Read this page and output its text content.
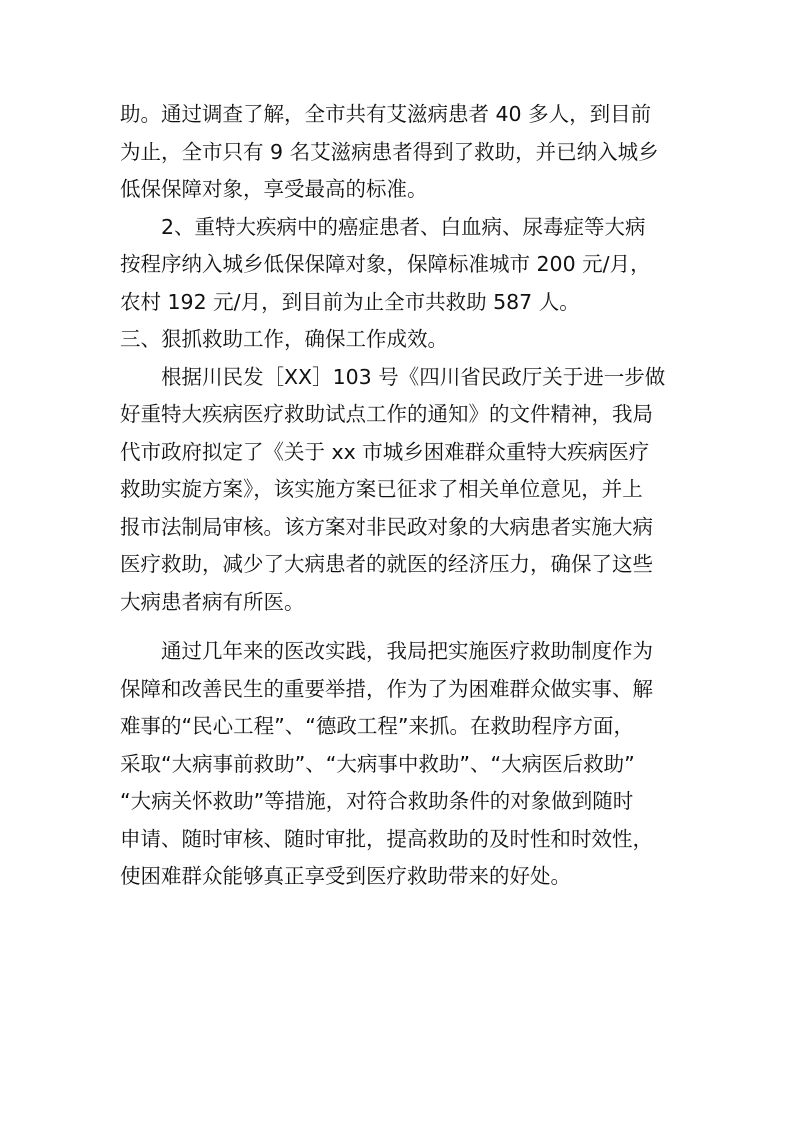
助。通过调查了解，全市共有艾滋病患者 40 多人，到目前
为止，全市只有 9 名艾滋病患者得到了救助，并已纳入城乡
低保保障对象，享受最高的标准。
　　2、重特大疾病中的癌症患者、白血病、尿毒症等大病
按程序纳入城乡低保保障对象，保障标准城市 200 元/月，
农村 192 元/月，到目前为止全市共救助 587 人。
三、狠抓救助工作，确保工作成效。
　　根据川民发［XX］103 号《四川省民政厅关于进一步做
好重特大疾病医疗救助试点工作的通知》的文件精神，我局
代市政府拟定了《关于 xx 市城乡困难群众重特大疾病医疗
救助实旋方案》，该实施方案已征求了相关单位意见，并上
报市法制局审核。该方案对非民政对象的大病患者实施大病
医疗救助，减少了大病患者的就医的经济压力，确保了这些
大病患者病有所医。
　　通过几年来的医改实践，我局把实施医疗救助制度作为
保障和改善民生的重要举措，作为了为困难群众做实事、解
难事的“民心工程”、“德政工程”来抓。在救助程序方面，
采取“大病事前救助”、“大病事中救助”、“大病医后救助”
“大病关怀救助”等措施，对符合救助条件的对象做到随时
申请、随时审核、随时审批，提高救助的及时性和时效性，
使困难群众能够真正享受到医疗救助带来的好处。
